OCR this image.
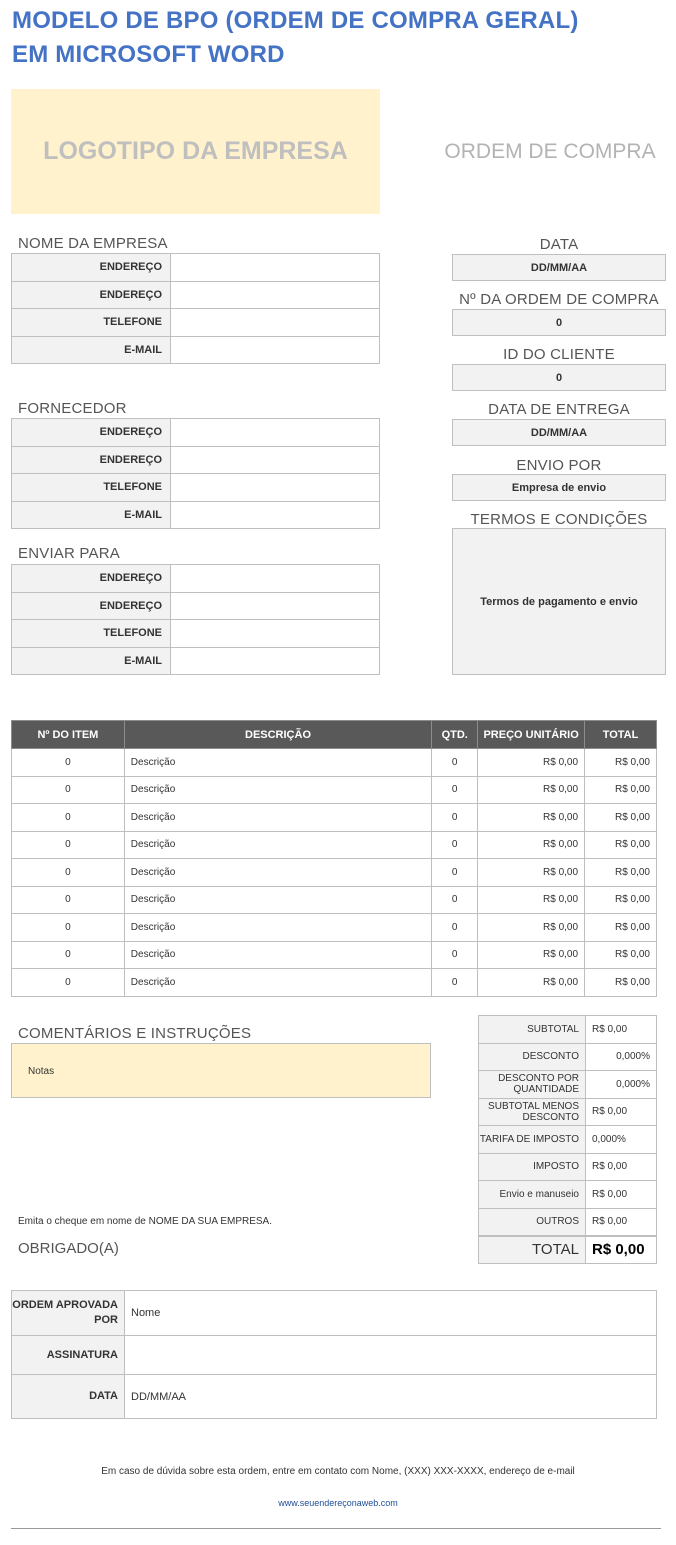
MODELO DE BPO (ORDEM DE COMPRA GERAL)
EM MICROSOFT WORD
LOGOTIPO DA EMPRESA	ORDEM DE COMPRA
NOME DA EMPRESA
ENDEREÇO	
ENDEREÇO	
TELEFONE	
E-MAIL	
FORNECEDOR
ENDEREÇO	
ENDEREÇO	
TELEFONE	
E-MAIL	
ENVIAR PARA
ENDEREÇO	
ENDEREÇO	
TELEFONE	
E-MAIL	
DATA
DD/MM/AA
Nº DA ORDEM DE COMPRA
0
ID DO CLIENTE
0
DATA DE ENTREGA
DD/MM/AA
ENVIO POR
Empresa de envio
TERMOS E CONDIÇÕES
Termos de pagamento e envio
Nº DO ITEM	DESCRIÇÃO	QTD.	PREÇO UNITÁRIO	TOTAL
0	Descrição	0	R$ 0,00	R$ 0,00
0	Descrição	0	R$ 0,00	R$ 0,00
0	Descrição	0	R$ 0,00	R$ 0,00
0	Descrição	0	R$ 0,00	R$ 0,00
0	Descrição	0	R$ 0,00	R$ 0,00
0	Descrição	0	R$ 0,00	R$ 0,00
0	Descrição	0	R$ 0,00	R$ 0,00
0	Descrição	0	R$ 0,00	R$ 0,00
0	Descrição	0	R$ 0,00	R$ 0,00
COMENTÁRIOS E INSTRUÇÕES
Notas
SUBTOTAL	R$ 0,00
DESCONTO	0,000%
DESCONTO POR QUANTIDADE	0,000%
SUBTOTAL MENOS DESCONTO	R$ 0,00
TARIFA DE IMPOSTO	0,000%
IMPOSTO	R$ 0,00
Envio e manuseio	R$ 0,00
OUTROS	R$ 0,00
TOTAL	R$ 0,00
Emita o cheque em nome de NOME DA SUA EMPRESA.
OBRIGADO(A)
ORDEM APROVADA POR	Nome
ASSINATURA	
DATA	DD/MM/AA
Em caso de dúvida sobre esta ordem, entre em contato com Nome, (XXX) XXX-XXXX, endereço de e-mail
www.seuendereçonaweb.com
